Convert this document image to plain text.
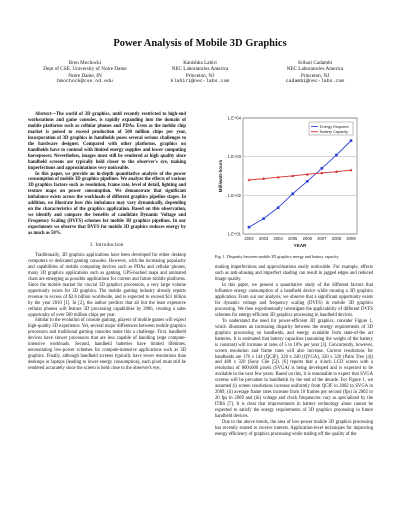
Power Analysis of Mobile 3D Graphics
Bren Mochocki
Dept of CSE, University of Notre Dame
Notre Dame, IN
bmochock@cse.nd.edu
Kanishka Lahiri
NEC Laboratories America
Princeton, NJ
klahiri@nec-labs.com
Srihari Cadambi
NEC Laboratories America
Princeton, NJ
cadambi@nec-labs.com

Abstract—The world of 3D graphics, until recently restricted to high-end workstations and game consoles, is rapidly expanding into the domain of mobile platforms such as cellular phones and PDAs. Even as the mobile chip market is poised to exceed production of 500 million chips per year, incorporation of 3D graphics in handhelds poses several serious challenges to the hardware designer. Compared with other platforms, graphics on handhelds have to contend with limited energy supplies and lower computing horsepower. Nevertheless, images must still be rendered at high quality since handheld screens are typically held closer to the observer's eye, making imperfections and approximations very noticeable.

In this paper, we provide an in-depth quantitative analysis of the power consumption of mobile 3D graphics pipelines. We analyze the effects of various 3D graphics factors such as resolution, frame rate, level of detail, lighting and texture maps on power consumption. We demonstrate that significant imbalance exists across the workloads of different graphics pipeline stages. In addition, we illustrate how this imbalance may vary dynamically, depending on the characteristics of the graphics application. Based on this observation, we identify and compare the benefits of candidate Dynamic Voltage and Frequency Scaling (DVFS) schemes for mobile 3D graphics pipelines. In our experiments we observe that DVFS for mobile 3D graphics reduces energy by as much as 50%.

I. Introduction

Traditionally, 3D graphics applications have been developed for either desktop computers or dedicated gaming consoles. However, with the increasing popularity and capabilities of mobile computing devices such as PDAs and cellular phones, many 3D graphics applications such as gaming, GPS-backed maps and animated chats are emerging as possible applications for current and future mobile platforms. Since the mobile market for crucial 3D graphics processors, a very large volume opportunity exists for 3D graphics. The mobile gaming industry already reports revenue in excess of $2.6 billion worldwide, and is expected to exceed $11 billion by the year 2010 [1]. In [2], the author predicts that all but the least expensive cellular phones will feature 3D processing capabilities by 2006, creating a sales opportunity of over 500 million chips per year.

Similar to the evolution of console gaming, players of mobile games will expect high-quality 3D experience. Yet, several major differences between mobile graphics processors and traditional gaming consoles make this a challenge. First, handheld devices have slower processors that are less capable of handling large compute-intensive workloads. Second, handheld batteries have limited lifetimes, necessitating low-power schemes for compute-intensive applications such as 3D graphics. Finally, although handheld screens typically have lower resolutions than desktops or laptops (leading to lower energy consumption), each pixel must still be rendered accurately since the screen is held close to the observer's eye;

1.E+01
1.E+02
1.E+03
1.E+04
2002 2003 2004 2005 2006 2007 2008 2009
YEAR
Milliwatt-hours
Energy Required
Battery Capacity
Fig. 1. Disparity between mobile 3D graphics energy and battery capacity.

making imperfections and approximations easily noticeable. For example, effects such as anti-aliasing and imperfect shading can result in jagged edges and reduced image quality.

In this paper, we present a quantitative study of the different factors that influence energy consumption of a handheld device while running a 3D graphics application. From our our analysis, we observe that a significant opportunity exists for dynamic voltage and frequency scaling (DVFS) in mobile 3D graphics processing. We then experimentally investigate the applicability of different DVFS schemes for energy-efficient 3D graphics processing in handheld devices.

To understand the need for power-efficient 3D graphics, consider Figure 1, which illustrates an increasing disparity between the energy requirements of 3D graphics processing on handhelds, and energy available from state-of-the art batteries. It is estimated that battery capacities (assuming the weight of the battery is constant) will increase at rates of 5 to 10% per year [3]. Concurrently, however, screen resolution and frame rates will also increase. Current resolutions for handhelds are 176 x 144 (QCIF), 320 x 240 (QVGA), 320 x 320 (Palm Treo [4]) and 480 x 320 (Sony Clie [5]). [6] reports that a 4-inch LCD screen with a resolution of 800x600 pixels (SVGA) is being developed and is expected to be available in the next few years. Based on this, it is reasonable to expect that SVGA screens will be prevalent in handhelds by the end of the decade. For Figure 1, we assumed (i) screen resolutions increase uniformly from QCIF in 2002 to SVGA in 2009, (ii) average frame rates increase from 10 frames per second (fps) in 2002 to 20 fps in 2009 and (iii) voltage and clock frequencies vary as specialized by the ITRS [7]. It is clear that improvements in battery technology alone cannot be expected to satisfy the energy requirements of 3D graphics processing in future handheld devices.

Due to the above trends, the area of low-power mobile 3D graphics processing has recently started to receive interest. Application-level techniques for improving energy efficiency of graphics processing while trading off the quality of the
